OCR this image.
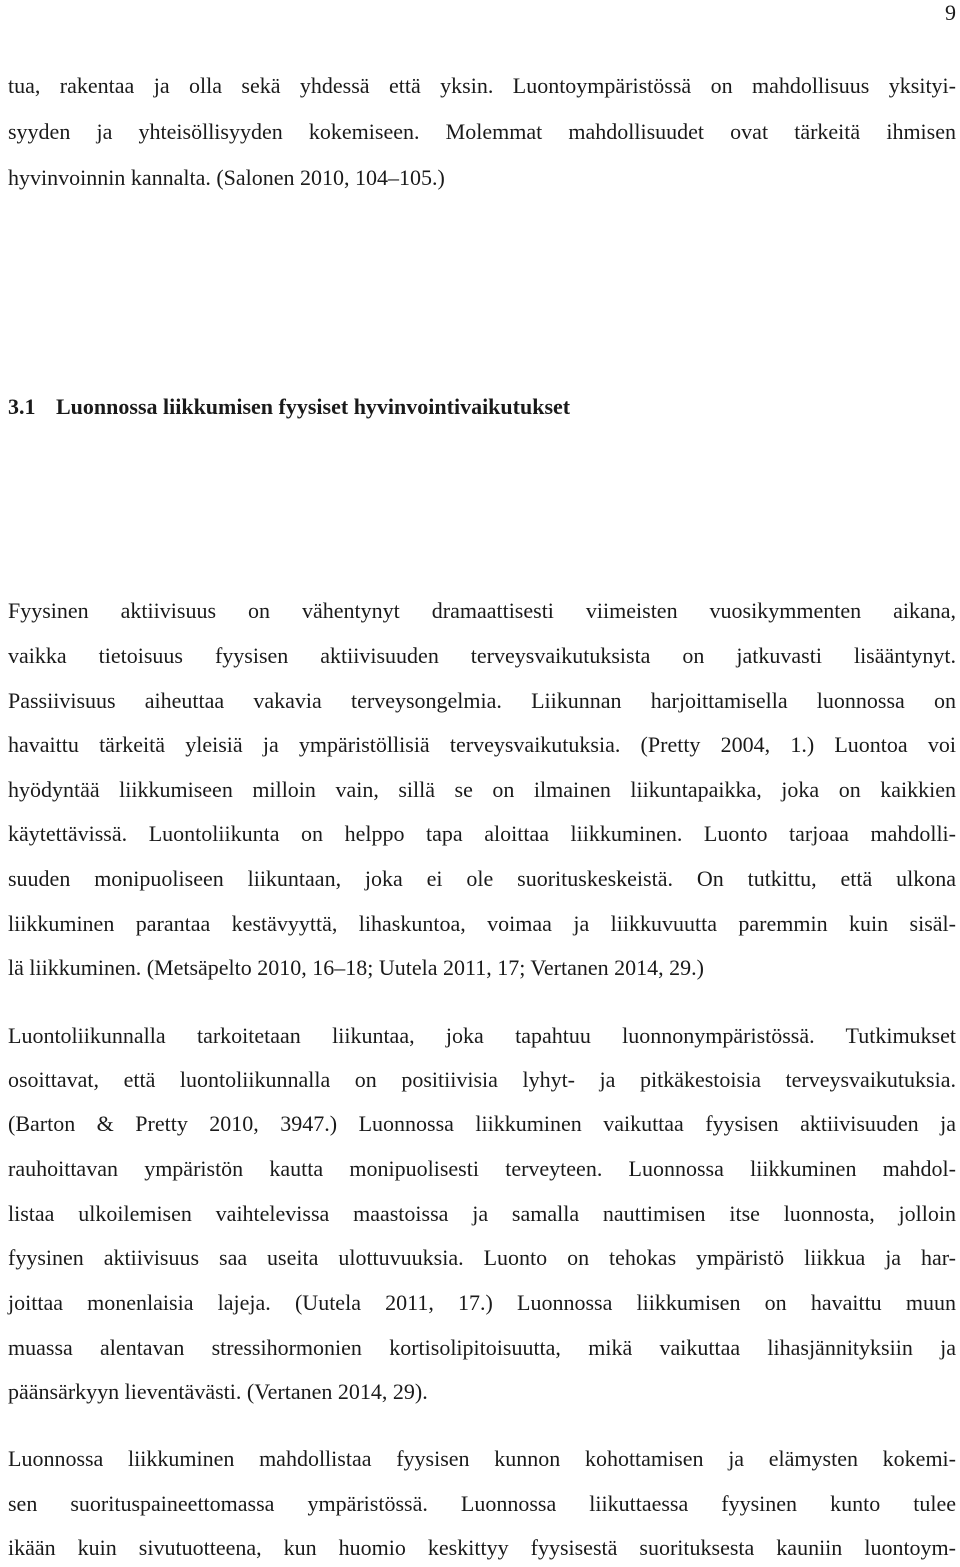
9
tua, rakentaa ja olla sekä yhdessä että yksin. Luontoympäristössä on mahdollisuus yksityi-
syyden ja yhteisöllisyyden kokemiseen. Molemmat mahdollisuudet ovat tärkeitä ihmisen
hyvinvoinnin kannalta. (Salonen 2010, 104–105.)
3.1 Luonnossa liikkumisen fyysiset hyvinvointivaikutukset
Fyysinen aktiivisuus on vähentynyt dramaattisesti viimeisten vuosikymmenten aikana,
vaikka tietoisuus fyysisen aktiivisuuden terveysvaikutuksista on jatkuvasti lisääntynyt.
Passiivisuus aiheuttaa vakavia terveysongelmia. Liikunnan harjoittamisella luonnossa on
havaittu tärkeitä yleisiä ja ympäristöllisiä terveysvaikutuksia. (Pretty 2004, 1.) Luontoa voi
hyödyntää liikkumiseen milloin vain, sillä se on ilmainen liikuntapaikka, joka on kaikkien
käytettävissä. Luontoliikunta on helppo tapa aloittaa liikkuminen. Luonto tarjoaa mahdolli-
suuden monipuoliseen liikuntaan, joka ei ole suorituskeskeistä. On tutkittu, että ulkona
liikkuminen parantaa kestävyyttä, lihaskuntoa, voimaa ja liikkuvuutta paremmin kuin sisäl-
lä liikkuminen. (Metsäpelto 2010, 16–18; Uutela 2011, 17; Vertanen 2014, 29.)
Luontoliikunnalla tarkoitetaan liikuntaa, joka tapahtuu luonnonympäristössä. Tutkimukset
osoittavat, että luontoliikunnalla on positiivisia lyhyt- ja pitkäkestoisia terveysvaikutuksia.
(Barton & Pretty 2010, 3947.) Luonnossa liikkuminen vaikuttaa fyysisen aktiivisuuden ja
rauhoittavan ympäristön kautta monipuolisesti terveyteen. Luonnossa liikkuminen mahdol-
listaa ulkoilemisen vaihtelevissa maastoissa ja samalla nauttimisen itse luonnosta, jolloin
fyysinen aktiivisuus saa useita ulottuvuuksia. Luonto on tehokas ympäristö liikkua ja har-
joittaa monenlaisia lajeja. (Uutela 2011, 17.) Luonnossa liikkumisen on havaittu muun
muassa alentavan stressihormonien kortisolipitoisuutta, mikä vaikuttaa lihasjännityksiin ja
päänsärkyyn lieventävästi. (Vertanen 2014, 29).
Luonnossa liikkuminen mahdollistaa fyysisen kunnon kohottamisen ja elämysten kokemi-
sen suorituspaineettomassa ympäristössä. Luonnossa liikuttaessa fyysinen kunto tulee
ikään kuin sivutuotteena, kun huomio keskittyy fyysisestä suorituksesta kauniin luontoym-
